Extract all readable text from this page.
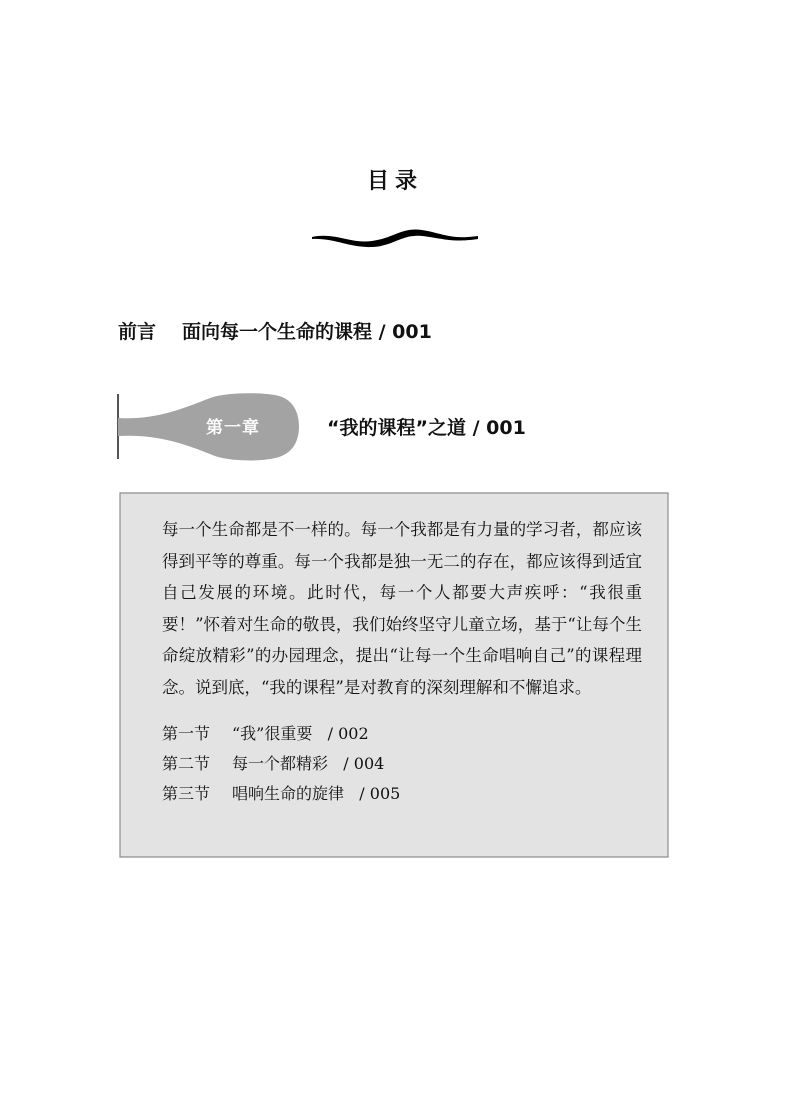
目录
前言 面向每一个生命的课程 / 001
第一章	“我的课程”之道 / 001

每一个生命都是不一样的。每一个我都是有力量的学习者，都应该得到平等的尊重。每一个我都是独一无二的存在，都应该得到适宜自己发展的环境。此时代，每一个人都要大声疾呼：“我很重要！”怀着对生命的敬畏，我们始终坚守儿童立场，基于“让每个生命绽放精彩”的办园理念，提出“让每一个生命唱响自己”的课程理念。说到底，“我的课程”是对教育的深刻理解和不懈追求。

第一节 “我”很重要 / 002
第二节 每一个都精彩 / 004
第三节 唱响生命的旋律 / 005
